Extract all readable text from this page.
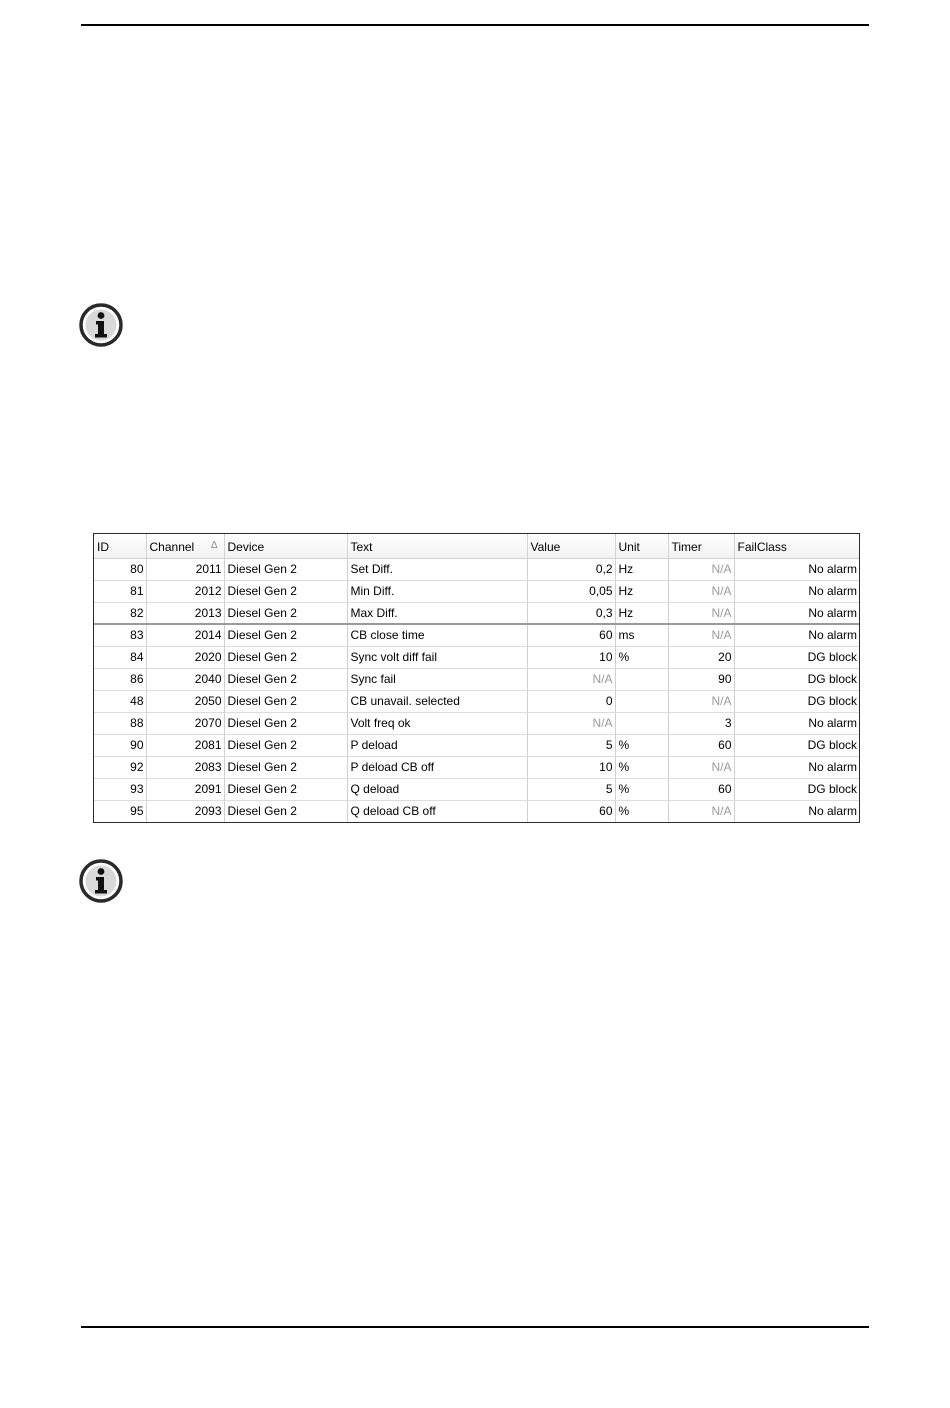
ID	Channel Δ	Device	Text	Value	Unit	Timer	FailClass
80	2011	Diesel Gen 2	Set Diff.	0,2	Hz	N/A	No alarm
81	2012	Diesel Gen 2	Min Diff.	0,05	Hz	N/A	No alarm
82	2013	Diesel Gen 2	Max Diff.	0,3	Hz	N/A	No alarm
83	2014	Diesel Gen 2	CB close time	60	ms	N/A	No alarm
84	2020	Diesel Gen 2	Sync volt diff fail	10	%	20	DG block
86	2040	Diesel Gen 2	Sync fail	N/A		90	DG block
48	2050	Diesel Gen 2	CB unavail. selected	0		N/A	DG block
88	2070	Diesel Gen 2	Volt freq ok	N/A		3	No alarm
90	2081	Diesel Gen 2	P deload	5	%	60	DG block
92	2083	Diesel Gen 2	P deload CB off	10	%	N/A	No alarm
93	2091	Diesel Gen 2	Q deload	5	%	60	DG block
95	2093	Diesel Gen 2	Q deload CB off	60	%	N/A	No alarm
